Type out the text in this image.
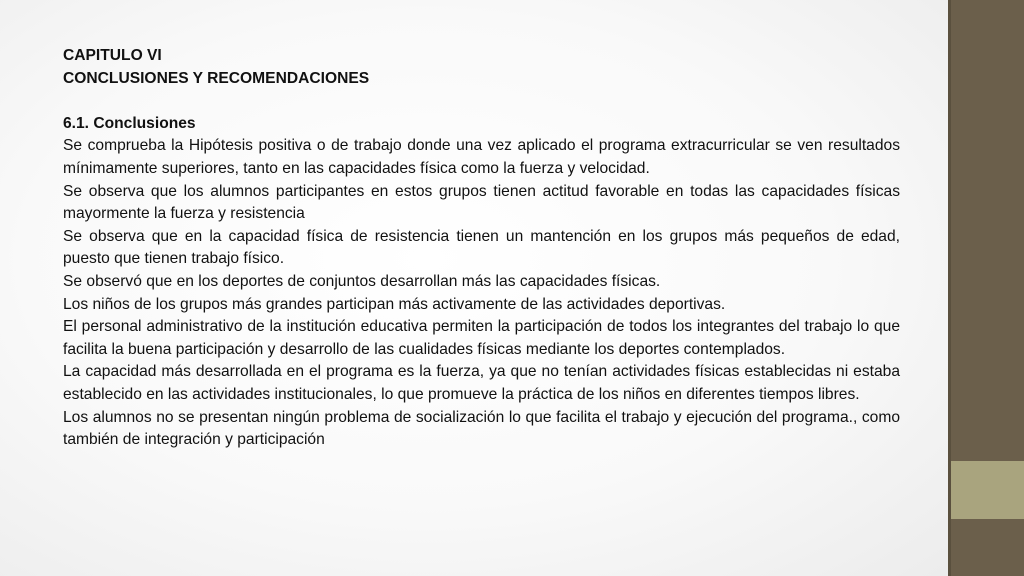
CAPITULO VI

CONCLUSIONES Y RECOMENDACIONES

6.1. Conclusiones

Se comprueba la Hipótesis positiva o de trabajo donde una vez aplicado el programa extracurricular se ven resultados mínimamente superiores, tanto en las capacidades física como la fuerza y velocidad.

Se observa que los alumnos participantes en estos grupos tienen actitud favorable en todas las capacidades físicas mayormente la fuerza y resistencia

Se observa que en la capacidad física de resistencia tienen un mantención en los grupos más pequeños de edad, puesto que tienen trabajo físico.

Se observó que en los deportes de conjuntos desarrollan más las capacidades físicas.

Los niños de los grupos más grandes participan más activamente de las actividades deportivas.

El personal administrativo de la institución educativa permiten la participación de todos los integrantes del trabajo lo que facilita la buena participación y desarrollo de las cualidades físicas mediante los deportes contemplados.

La capacidad más desarrollada en el programa es la fuerza, ya que no tenían actividades físicas establecidas ni estaba establecido en las actividades institucionales, lo que promueve la práctica de los niños en diferentes tiempos libres.

Los alumnos no se presentan ningún problema de socialización lo que facilita el trabajo y ejecución del programa., como también de integración y participación
